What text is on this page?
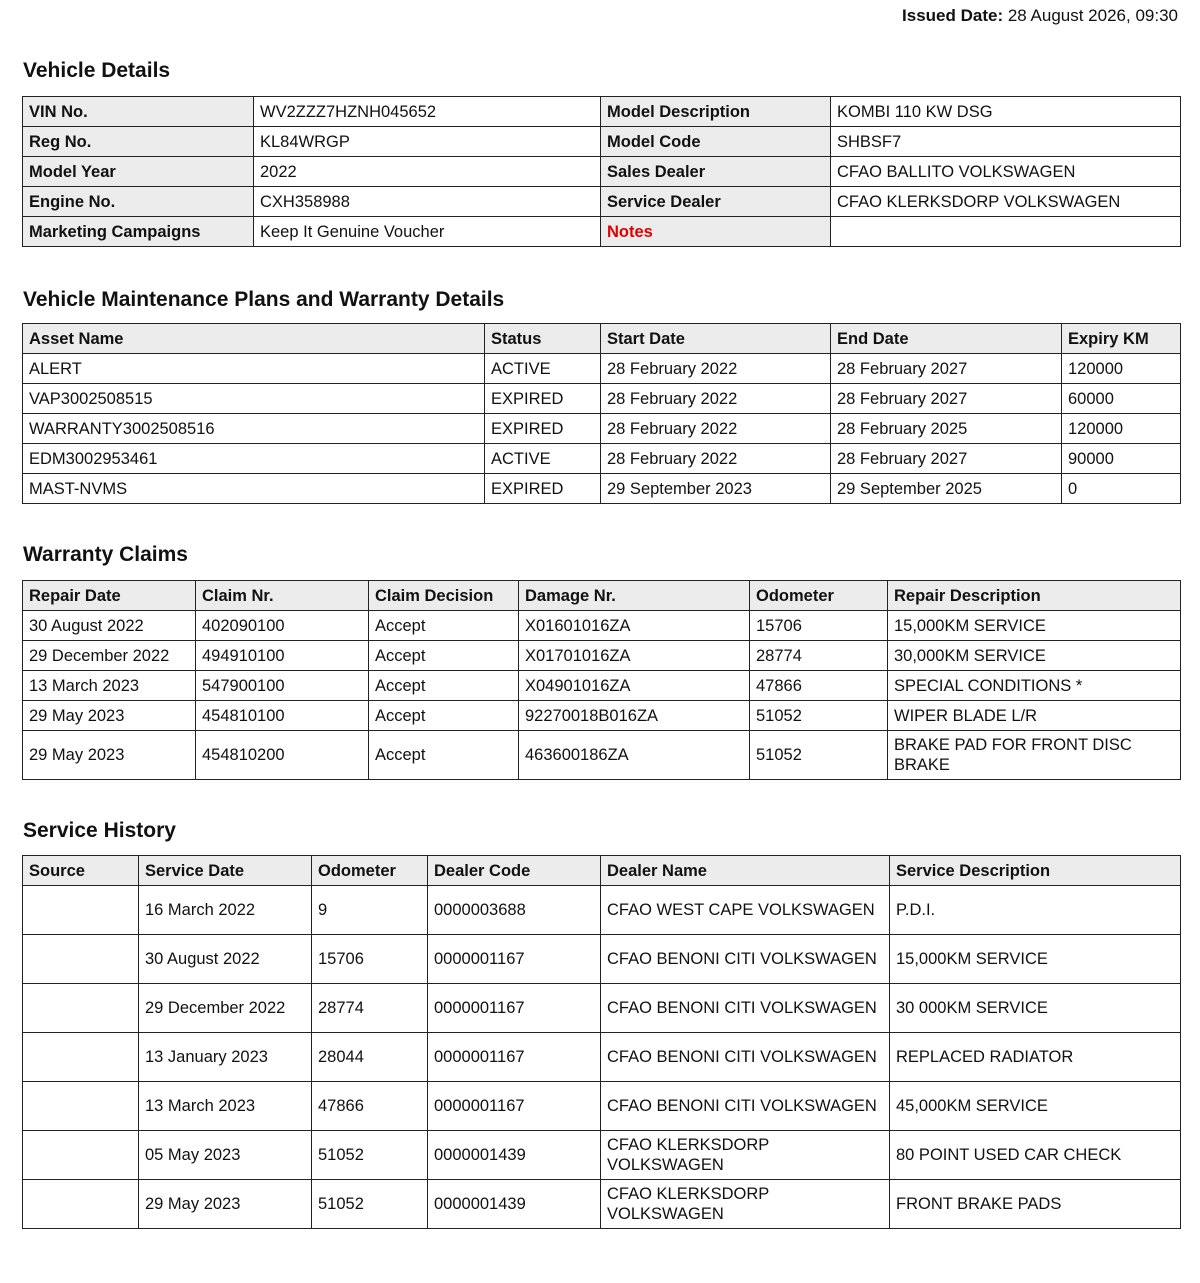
Issued Date: 28 August 2026, 09:30
Vehicle Details
VIN No.	WV2ZZZ7HZNH045652	Model Description	KOMBI 110 KW DSG
Reg No.	KL84WRGP	Model Code	SHBSF7
Model Year	2022	Sales Dealer	CFAO BALLITO VOLKSWAGEN
Engine No.	CXH358988	Service Dealer	CFAO KLERKSDORP VOLKSWAGEN
Marketing Campaigns	Keep It Genuine Voucher	Notes	
Vehicle Maintenance Plans and Warranty Details
Asset Name	Status	Start Date	End Date	Expiry KM
ALERT	ACTIVE	28 February 2022	28 February 2027	120000
VAP3002508515	EXPIRED	28 February 2022	28 February 2027	60000
WARRANTY3002508516	EXPIRED	28 February 2022	28 February 2025	120000
EDM3002953461	ACTIVE	28 February 2022	28 February 2027	90000
MAST-NVMS	EXPIRED	29 September 2023	29 September 2025	0
Warranty Claims
Repair Date	Claim Nr.	Claim Decision	Damage Nr.	Odometer	Repair Description
30 August 2022	402090100	Accept	X01601016ZA	15706	15,000KM SERVICE
29 December 2022	494910100	Accept	X01701016ZA	28774	30,000KM SERVICE
13 March 2023	547900100	Accept	X04901016ZA	47866	SPECIAL CONDITIONS *
29 May 2023	454810100	Accept	92270018B016ZA	51052	WIPER BLADE L/R
29 May 2023	454810200	Accept	463600186ZA	51052	BRAKE PAD FOR FRONT DISC BRAKE
Service History
Source	Service Date	Odometer	Dealer Code	Dealer Name	Service Description
	16 March 2022	9	0000003688	CFAO WEST CAPE VOLKSWAGEN	P.D.I.
	30 August 2022	15706	0000001167	CFAO BENONI CITI VOLKSWAGEN	15,000KM SERVICE
	29 December 2022	28774	0000001167	CFAO BENONI CITI VOLKSWAGEN	30 000KM SERVICE
	13 January 2023	28044	0000001167	CFAO BENONI CITI VOLKSWAGEN	REPLACED RADIATOR
	13 March 2023	47866	0000001167	CFAO BENONI CITI VOLKSWAGEN	45,000KM SERVICE
	05 May 2023	51052	0000001439	CFAO KLERKSDORP VOLKSWAGEN	80 POINT USED CAR CHECK
	29 May 2023	51052	0000001439	CFAO KLERKSDORP VOLKSWAGEN	FRONT BRAKE PADS
